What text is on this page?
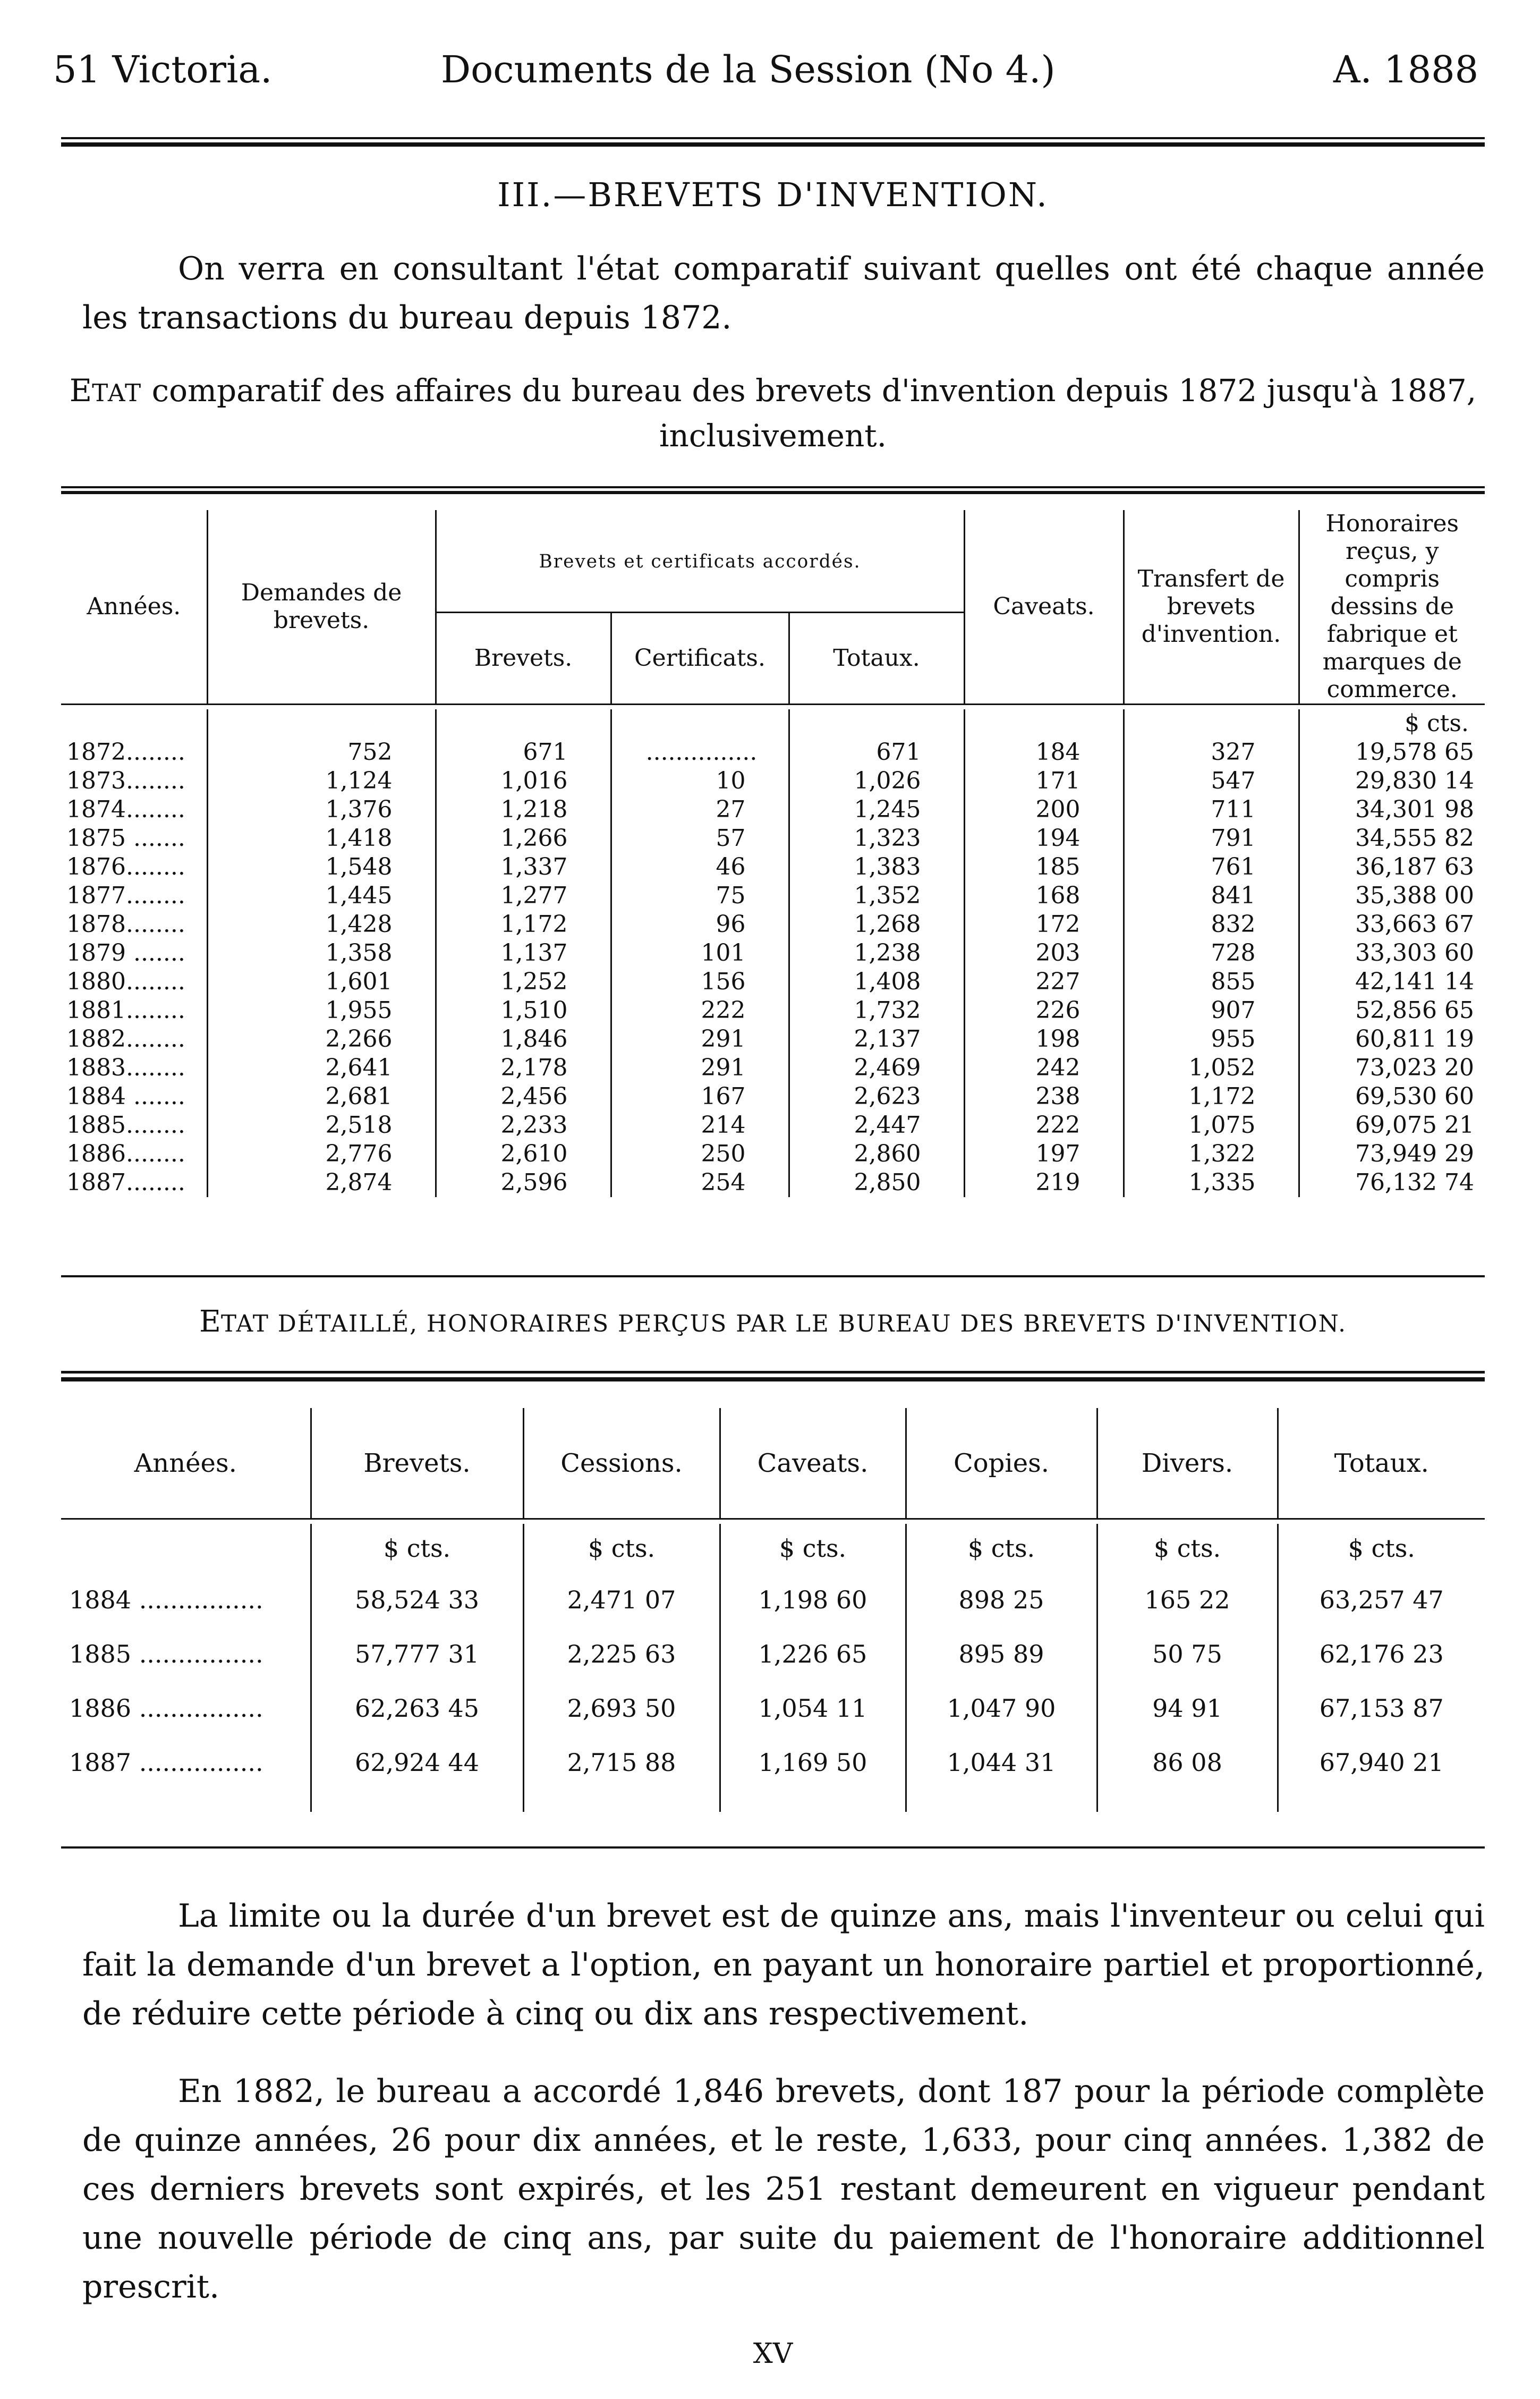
51 Victoria.	Documents de la Session (No 4.)	A. 1888
III.—BREVETS D'INVENTION.
On verra en consultant l'état comparatif suivant quelles ont été chaque année les transactions du bureau depuis 1872.
ETAT comparatif des affaires du bureau des brevets d'invention depuis 1872 jusqu'à 1887, inclusivement.
Années.	Demandes de brevets.	Brevets et certificats accordés.			Caveats.	Transfert de brevets d'invention.	Honoraires reçus, y compris dessins de fabrique et marques de commerce.
		Brevets.	Certificats.	Totaux.			

							$ cts.
1872........	752	671	...............	671	184	327	19,578 65
1873........	1,124	1,016	10	1,026	171	547	29,830 14
1874........	1,376	1,218	27	1,245	200	711	34,301 98
1875 .......	1,418	1,266	57	1,323	194	791	34,555 82
1876........	1,548	1,337	46	1,383	185	761	36,187 63
1877........	1,445	1,277	75	1,352	168	841	35,388 00
1878........	1,428	1,172	96	1,268	172	832	33,663 67
1879 .......	1,358	1,137	101	1,238	203	728	33,303 60
1880........	1,601	1,252	156	1,408	227	855	42,141 14
1881........	1,955	1,510	222	1,732	226	907	52,856 65
1882........	2,266	1,846	291	2,137	198	955	60,811 19
1883........	2,641	2,178	291	2,469	242	1,052	73,023 20
1884 .......	2,681	2,456	167	2,623	238	1,172	69,530 60
1885........	2,518	2,233	214	2,447	222	1,075	69,075 21
1886........	2,776	2,610	250	2,860	197	1,322	73,949 29
1887........	2,874	2,596	254	2,850	219	1,335	76,132 74
ETAT DÉTAILLÉ, HONORAIRES PERÇUS PAR LE BUREAU DES BREVETS D'INVENTION.
Années.	Brevets.	Cessions.	Caveats.	Copies.	Divers.	Totaux.

	$ cts.	$ cts.	$ cts.	$ cts.	$ cts.	$ cts.
1884 ................	58,524 33	2,471 07	1,198 60	898 25	165 22	63,257 47
1885 ................	57,777 31	2,225 63	1,226 65	895 89	50 75	62,176 23
1886 ................	62,263 45	2,693 50	1,054 11	1,047 90	94 91	67,153 87
1887 ................	62,924 44	2,715 88	1,169 50	1,044 31	86 08	67,940 21

La limite ou la durée d'un brevet est de quinze ans, mais l'inventeur ou celui qui fait la demande d'un brevet a l'option, en payant un honoraire partiel et proportionné, de réduire cette période à cinq ou dix ans respectivement.
En 1882, le bureau a accordé 1,846 brevets, dont 187 pour la période complète de quinze années, 26 pour dix années, et le reste, 1,633, pour cinq années. 1,382 de ces derniers brevets sont expirés, et les 251 restant demeurent en vigueur pendant une nouvelle période de cinq ans, par suite du paiement de l'honoraire additionnel prescrit.
XV
